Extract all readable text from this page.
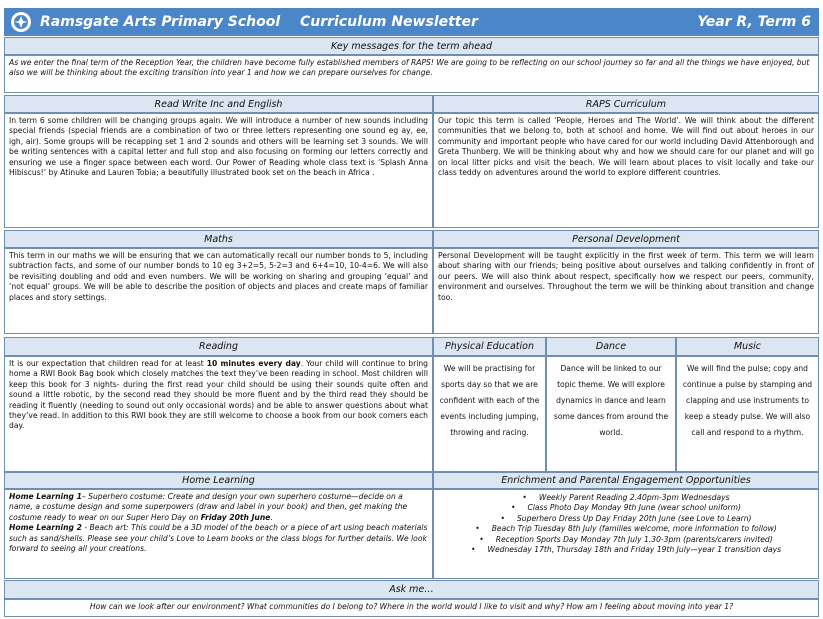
Ramsgate Arts Primary School	Curriculum Newsletter	Year R, Term 6
Key messages for the term ahead

As we enter the final term of the Reception Year, the children have become fully established members of RAPS! We are going to be reflecting on our school journey so far and all the things we have enjoyed, but also we will be thinking about the exciting transition into year 1 and how we can prepare ourselves for change.

Read Write Inc and English	RAPS Curriculum

In term 6 some children will be changing groups again. We will introduce a number of new sounds including special friends (special friends are a combination of two or three letters representing one sound eg ay, ee, igh, air). Some groups will be recapping set 1 and 2 sounds and others will be learning set 3 sounds. We will be writing sentences with a capital letter and full stop and also focusing on forming our letters correctly and ensuring we use a finger space between each word. Our Power of Reading whole class text is ‘Splash Anna Hibiscus!’ by Atinuke and Lauren Tobia; a beautifully illustrated book set on the beach in Africa .

Our topic this term is called ‘People, Heroes and The World’. We will think about the different communities that we belong to, both at school and home. We will find out about heroes in our community and important people who have cared for our world including David Attenborough and Greta Thunberg. We will be thinking about why and how we should care for our planet and will go on local litter picks and visit the beach. We will learn about places to visit locally and take our class teddy on adventures around the world to explore different countries.

Maths	Personal Development

This term in our maths we will be ensuring that we can automatically recall our number bonds to 5, including subtraction facts, and some of our number bonds to 10 eg 3+2=5, 5-2=3 and 6+4=10, 10-4=6. We will also be revisiting doubling and odd and even numbers. We will be working on sharing and grouping ‘equal’ and ‘not equal’ groups. We will be able to describe the position of objects and places and create maps of familiar places and story settings.

Personal Development will be taught explicitly in the first week of term. This term we will learn about sharing with our friends; being positive about ourselves and talking confidently in front of our peers. We will also think about respect, specifically how we respect our peers, community, environment and ourselves. Throughout the term we will be thinking about transition and change too.

Reading	Physical Education	Dance	Music

It is our expectation that children read for at least 10 minutes every day. Your child will continue to bring home a RWI Book Bag book which closely matches the text they’ve been reading in school. Most children will keep this book for 3 nights- during the first read your child should be using their sounds quite often and sound a little robotic, by the second read they should be more fluent and by the third read they should be reading it fluently (needing to sound out only occasional words) and be able to answer questions about what they’ve read. In addition to this RWI book they are still welcome to choose a book from our book corners each day.

We will be practising for sports day so that we are confident with each of the events including jumping, throwing and racing.

Dance will be linked to our topic theme. We will explore dynamics in dance and learn some dances from around the world.

We will find the pulse; copy and continue a pulse by stamping and clapping and use instruments to keep a steady pulse. We will also call and respond to a rhythm.

Home Learning	Enrichment and Parental Engagement Opportunities

Home Learning 1– Superhero costume: Create and design your own superhero costume—decide on a name, a costume design and some superpowers (draw and label in your book) and then, get making the costume ready to wear on our Super Hero Day on Friday 20th June.

Home Learning 2 - Beach art: This could be a 3D model of the beach or a piece of art using beach materials such as sand/shells. Please see your child’s Love to Learn books or the class blogs for further details. We look forward to seeing all your creations.

• Weekly Parent Reading 2.40pm-3pm Wednesdays
• Class Photo Day Monday 9th June (wear school uniform)
• Superhero Dress Up Day Friday 20th June (see Love to Learn)
• Beach Trip Tuesday 8th July (families welcome, more information to follow)
• Reception Sports Day Monday 7th July 1.30-3pm (parents/carers invited)
• Wednesday 17th, Thursday 18th and Friday 19th July—year 1 transition days
Ask me…

How can we look after our environment? What communities do I belong to? Where in the world would I like to visit and why? How am I feeling about moving into year 1?
